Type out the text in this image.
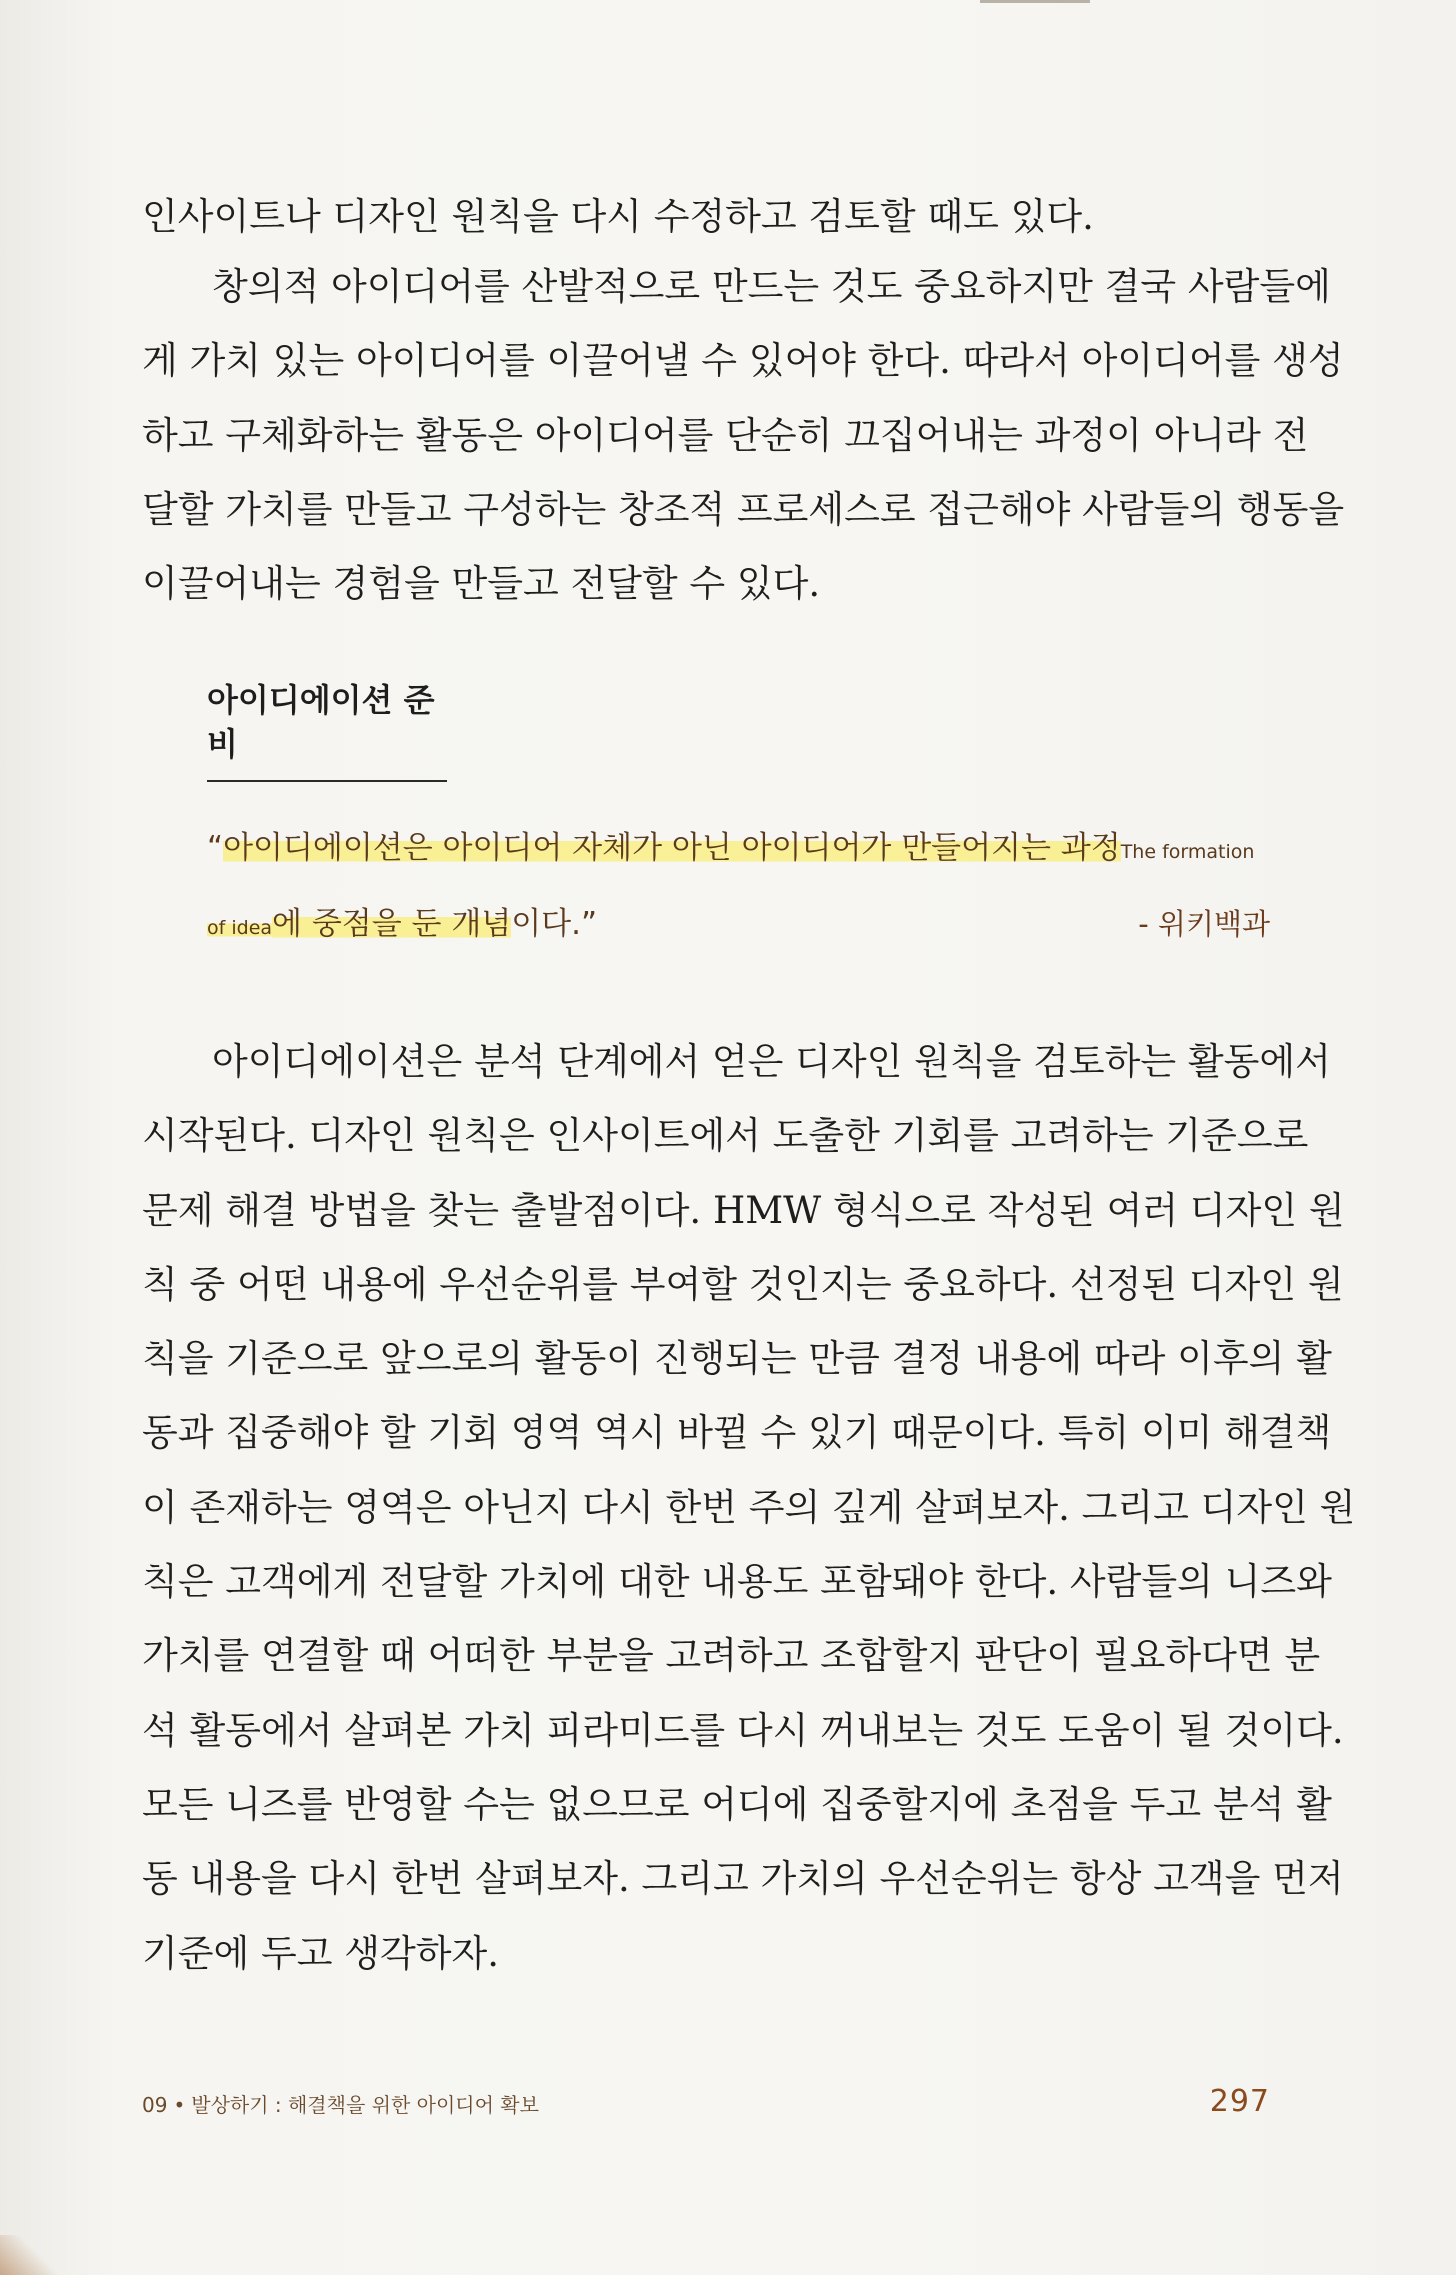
인사이트나 디자인 원칙을 다시 수정하고 검토할 때도 있다.
창의적 아이디어를 산발적으로 만드는 것도 중요하지만 결국 사람들에
게 가치 있는 아이디어를 이끌어낼 수 있어야 한다. 따라서 아이디어를 생성
하고 구체화하는 활동은 아이디어를 단순히 끄집어내는 과정이 아니라 전
달할 가치를 만들고 구성하는 창조적 프로세스로 접근해야 사람들의 행동을
이끌어내는 경험을 만들고 전달할 수 있다.
아이디에이션 준비
“아이디에이션은 아이디어 자체가 아닌 아이디어가 만들어지는 과정The formation
of idea에 중점을 둔 개념이다.”	- 위키백과
아이디에이션은 분석 단계에서 얻은 디자인 원칙을 검토하는 활동에서
시작된다. 디자인 원칙은 인사이트에서 도출한 기회를 고려하는 기준으로
문제 해결 방법을 찾는 출발점이다. HMW 형식으로 작성된 여러 디자인 원
칙 중 어떤 내용에 우선순위를 부여할 것인지는 중요하다. 선정된 디자인 원
칙을 기준으로 앞으로의 활동이 진행되는 만큼 결정 내용에 따라 이후의 활
동과 집중해야 할 기회 영역 역시 바뀔 수 있기 때문이다. 특히 이미 해결책
이 존재하는 영역은 아닌지 다시 한번 주의 깊게 살펴보자. 그리고 디자인 원
칙은 고객에게 전달할 가치에 대한 내용도 포함돼야 한다. 사람들의 니즈와
가치를 연결할 때 어떠한 부분을 고려하고 조합할지 판단이 필요하다면 분
석 활동에서 살펴본 가치 피라미드를 다시 꺼내보는 것도 도움이 될 것이다.
모든 니즈를 반영할 수는 없으므로 어디에 집중할지에 초점을 두고 분석 활
동 내용을 다시 한번 살펴보자. 그리고 가치의 우선순위는 항상 고객을 먼저
기준에 두고 생각하자.
09 • 발상하기 : 해결책을 위한 아이디어 확보	297
